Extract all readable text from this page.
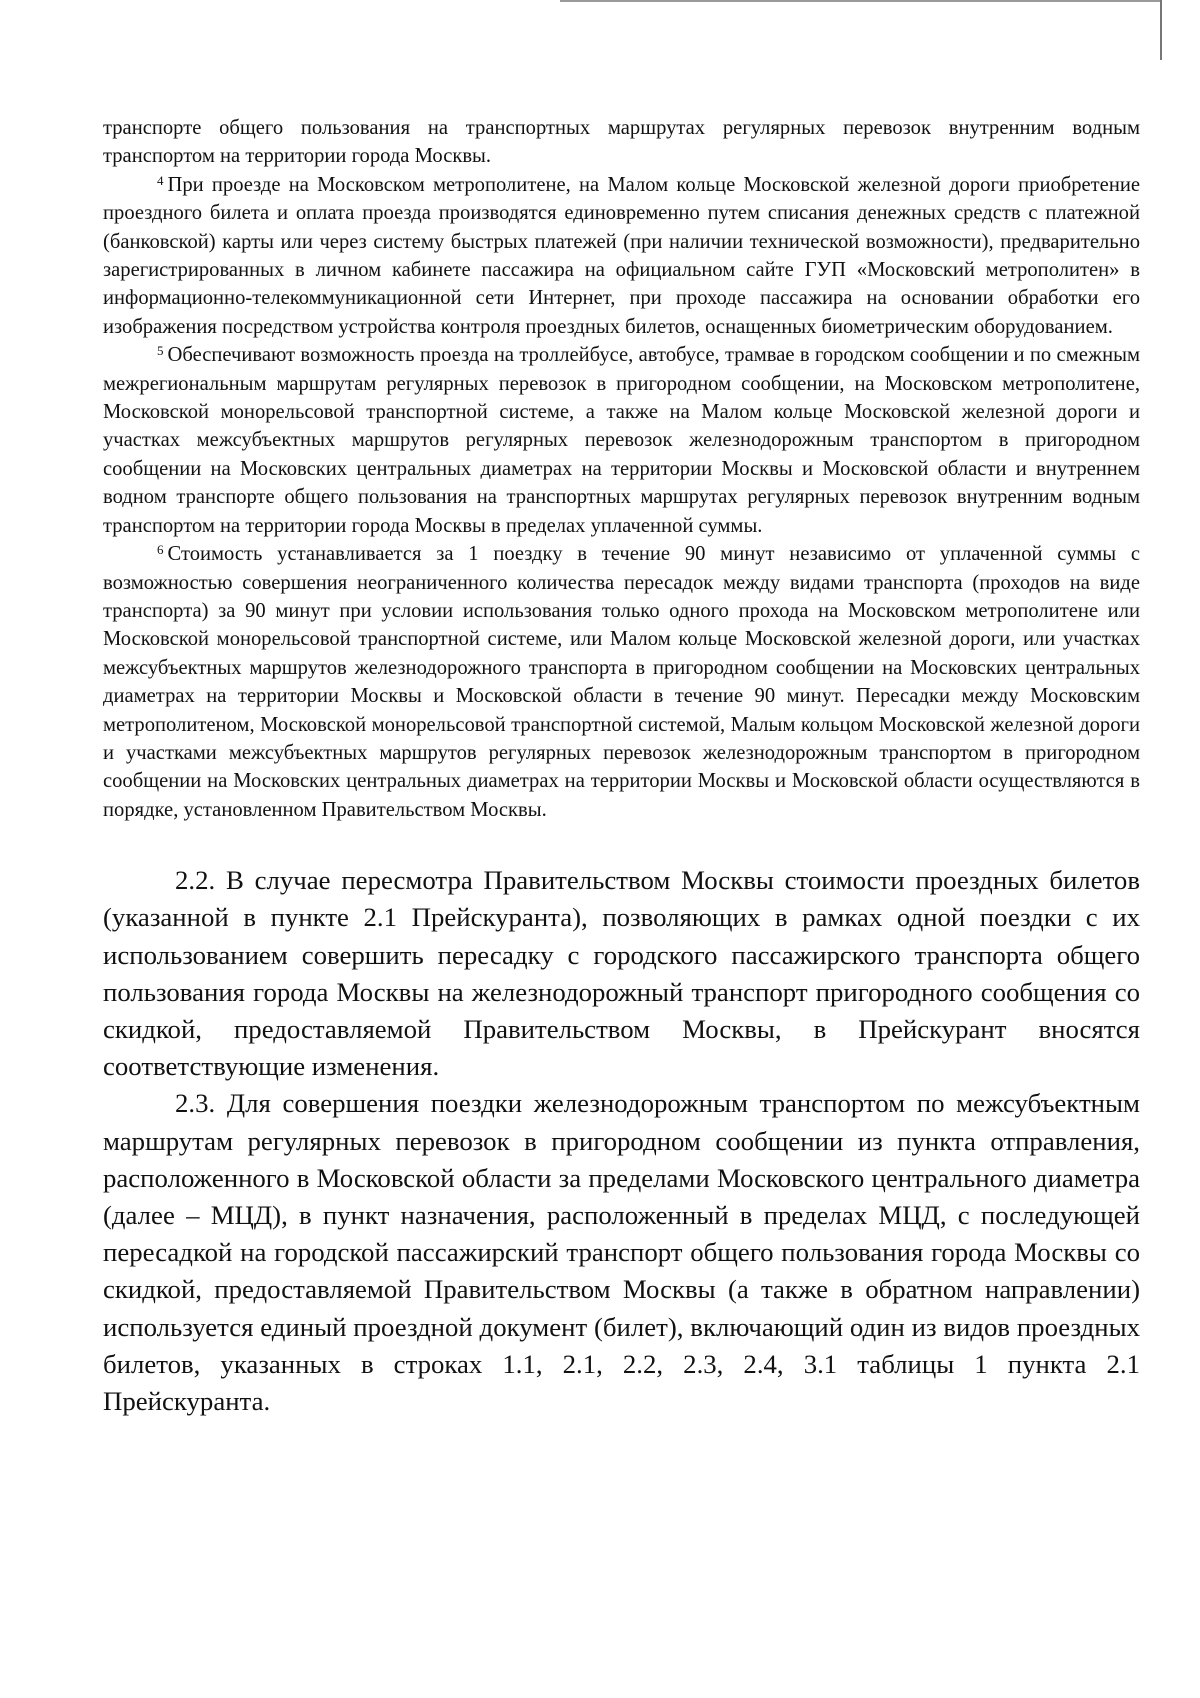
транспорте общего пользования на транспортных маршрутах регулярных перевозок внутренним водным транспортом на территории города Москвы.

$^4$ При проезде на Московском метрополитене, на Малом кольце Московской железной дороги приобретение проездного билета и оплата проезда производятся единовременно путем списания денежных средств с платежной (банковской) карты или через систему быстрых платежей (при наличии технической возможности), предварительно зарегистрированных в личном кабинете пассажира на официальном сайте ГУП «Московский метрополитен» в информационно-телекоммуникационной сети Интернет, при проходе пассажира на основании обработки его изображения посредством устройства контроля проездных билетов, оснащенных биометрическим оборудованием.

$^5$ Обеспечивают возможность проезда на троллейбусе, автобусе, трамвае в городском сообщении и по смежным межрегиональным маршрутам регулярных перевозок в пригородном сообщении, на Московском метрополитене, Московской монорельсовой транспортной системе, а также на Малом кольце Московской железной дороги и участках межсубъектных маршрутов регулярных перевозок железнодорожным транспортом в пригородном сообщении на Московских центральных диаметрах на территории Москвы и Московской области и внутреннем водном транспорте общего пользования на транспортных маршрутах регулярных перевозок внутренним водным транспортом на территории города Москвы в пределах уплаченной суммы.

$^6$ Стоимость устанавливается за 1 поездку в течение 90 минут независимо от уплаченной суммы с возможностью совершения неограниченного количества пересадок между видами транспорта (проходов на виде транспорта) за 90 минут при условии использования только одного прохода на Московском метрополитене или Московской монорельсовой транспортной системе, или Малом кольце Московской железной дороги, или участках межсубъектных маршрутов железнодорожного транспорта в пригородном сообщении на Московских центральных диаметрах на территории Москвы и Московской области в течение 90 минут. Пересадки между Московским метрополитеном, Московской монорельсовой транспортной системой, Малым кольцом Московской железной дороги и участками межсубъектных маршрутов регулярных перевозок железнодорожным транспортом в пригородном сообщении на Московских центральных диаметрах на территории Москвы и Московской области осуществляются в порядке, установленном Правительством Москвы.

2.2. В случае пересмотра Правительством Москвы стоимости проездных билетов (указанной в пункте 2.1 Прейскуранта), позволяющих в рамках одной поездки с их использованием совершить пересадку с городского пассажирского транспорта общего пользования города Москвы на железнодорожный транспорт пригородного сообщения со скидкой, предоставляемой Правительством Москвы, в Прейскурант вносятся соответствующие изменения.

2.3. Для совершения поездки железнодорожным транспортом по межсубъектным маршрутам регулярных перевозок в пригородном сообщении из пункта отправления, расположенного в Московской области за пределами Московского центрального диаметра (далее – МЦД), в пункт назначения, расположенный в пределах МЦД, с последующей пересадкой на городской пассажирский транспорт общего пользования города Москвы со скидкой, предоставляемой Правительством Москвы (а также в обратном направлении) используется единый проездной документ (билет), включающий один из видов проездных билетов, указанных в строках 1.1, 2.1, 2.2, 2.3, 2.4, 3.1 таблицы 1 пункта 2.1 Прейскуранта.
